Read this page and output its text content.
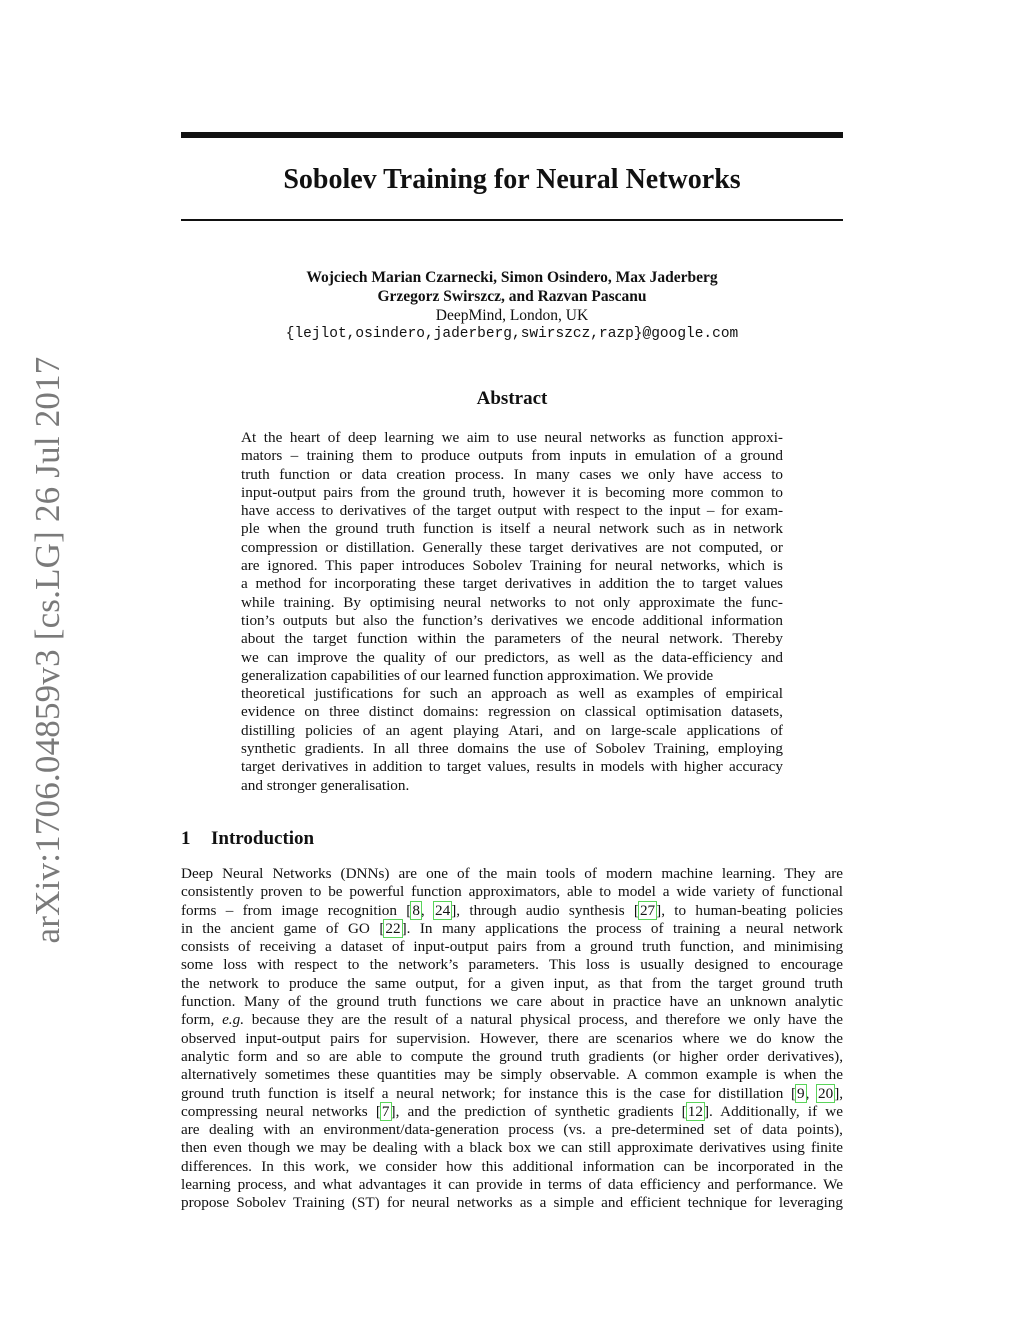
arXiv:1706.04859v3 [cs.LG] 26 Jul 2017
Sobolev Training for Neural Networks
Wojciech Marian Czarnecki, Simon Osindero, Max Jaderberg
Grzegorz Swirszcz, and Razvan Pascanu
DeepMind, London, UK
{lejlot,osindero,jaderberg,swirszcz,razp}@google.com
Abstract
At the heart of deep learning we aim to use neural networks as function approxi-
mators – training them to produce outputs from inputs in emulation of a ground
truth function or data creation process. In many cases we only have access to
input-output pairs from the ground truth, however it is becoming more common to
have access to derivatives of the target output with respect to the input – for exam-
ple when the ground truth function is itself a neural network such as in network
compression or distillation. Generally these target derivatives are not computed, or
are ignored. This paper introduces Sobolev Training for neural networks, which is
a method for incorporating these target derivatives in addition the to target values
while training. By optimising neural networks to not only approximate the func-
tion’s outputs but also the function’s derivatives we encode additional information
about the target function within the parameters of the neural network. Thereby
we can improve the quality of our predictors, as well as the data-efficiency and
generalization capabilities of our learned function approximation. We provide
theoretical justifications for such an approach as well as examples of empirical
evidence on three distinct domains: regression on classical optimisation datasets,
distilling policies of an agent playing Atari, and on large-scale applications of
synthetic gradients. In all three domains the use of Sobolev Training, employing
target derivatives in addition to target values, results in models with higher accuracy
and stronger generalisation.
1 Introduction
Deep Neural Networks (DNNs) are one of the main tools of modern machine learning. They are
consistently proven to be powerful function approximators, able to model a wide variety of functional
forms – from image recognition [8, 24], through audio synthesis [27], to human-beating policies
in the ancient game of GO [22]. In many applications the process of training a neural network
consists of receiving a dataset of input-output pairs from a ground truth function, and minimising
some loss with respect to the network’s parameters. This loss is usually designed to encourage
the network to produce the same output, for a given input, as that from the target ground truth
function. Many of the ground truth functions we care about in practice have an unknown analytic
form, e.g. because they are the result of a natural physical process, and therefore we only have the
observed input-output pairs for supervision. However, there are scenarios where we do know the
analytic form and so are able to compute the ground truth gradients (or higher order derivatives),
alternatively sometimes these quantities may be simply observable. A common example is when the
ground truth function is itself a neural network; for instance this is the case for distillation [9, 20],
compressing neural networks [7], and the prediction of synthetic gradients [12]. Additionally, if we
are dealing with an environment/data-generation process (vs. a pre-determined set of data points),
then even though we may be dealing with a black box we can still approximate derivatives using finite
differences. In this work, we consider how this additional information can be incorporated in the
learning process, and what advantages it can provide in terms of data efficiency and performance. We
propose Sobolev Training (ST) for neural networks as a simple and efficient technique for leveraging
